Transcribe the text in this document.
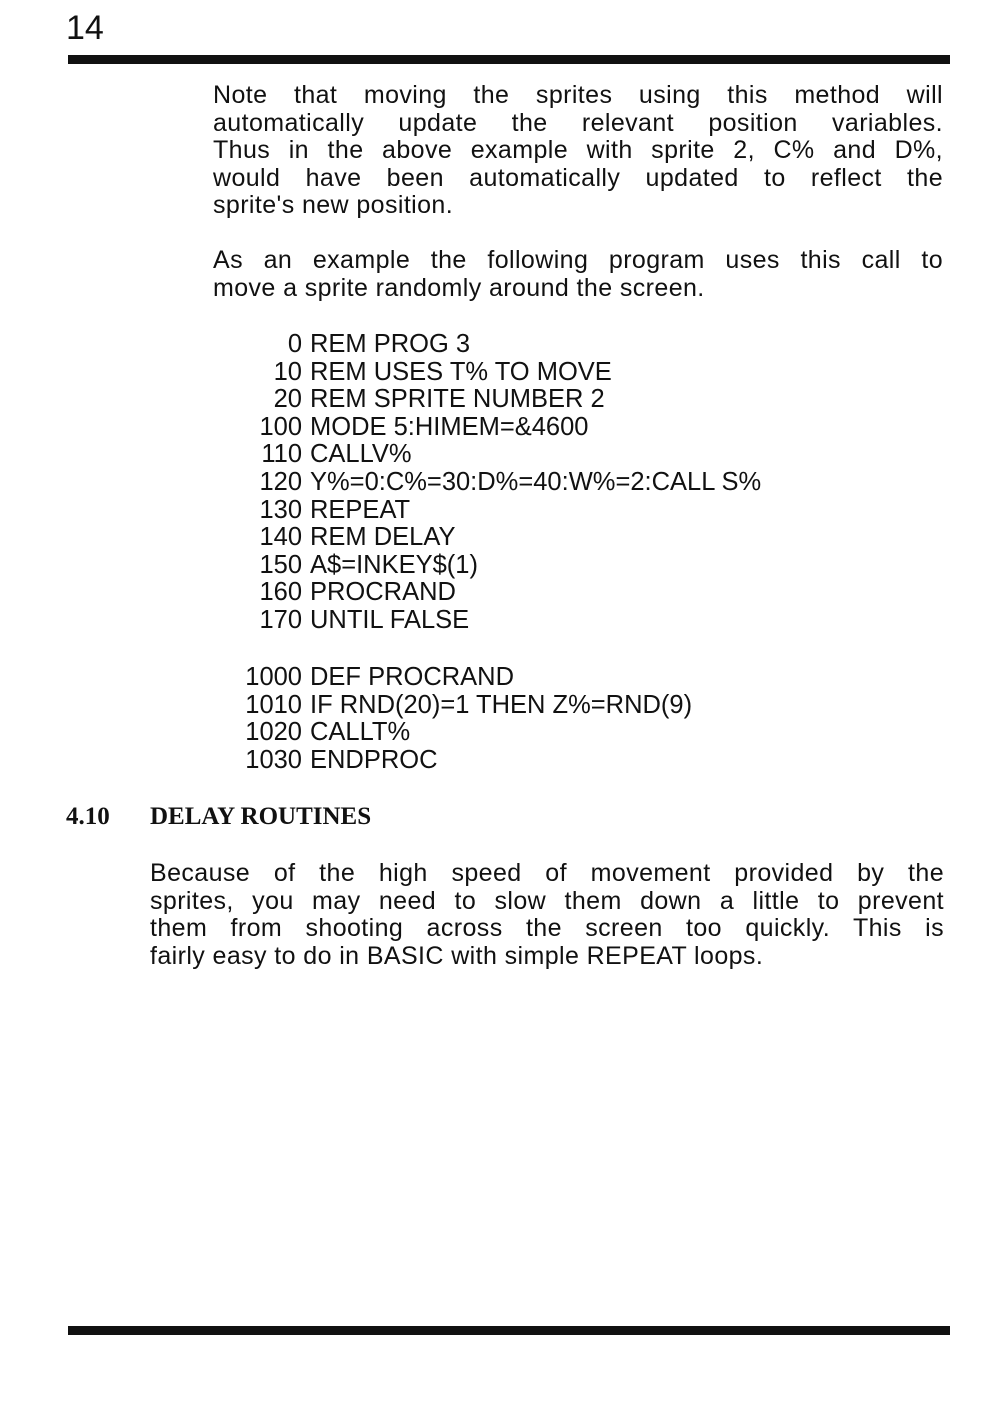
14
Note that moving the sprites using this method will
automatically update the relevant position variables.
Thus in the above example with sprite 2, C% and D%,
would have been automatically updated to reflect the
sprite's new position.
As an example the following program uses this call to
move a sprite randomly around the screen.
0 REM PROG 3
10 REM USES T% TO MOVE
20 REM SPRITE NUMBER 2
100 MODE 5:HIMEM=&4600
110 CALLV%
120 Y%=0:C%=30:D%=40:W%=2:CALL S%
130 REPEAT
140 REM DELAY
150 A$=INKEY$(1)
160 PROCRAND
170 UNTIL FALSE
1000 DEF PROCRAND
1010 IF RND(20)=1 THEN Z%=RND(9)
1020 CALLT%
1030 ENDPROC
4.10 DELAY ROUTINES
Because of the high speed of movement provided by the
sprites, you may need to slow them down a little to prevent
them from shooting across the screen too quickly. This is
fairly easy to do in BASIC with simple REPEAT loops.
